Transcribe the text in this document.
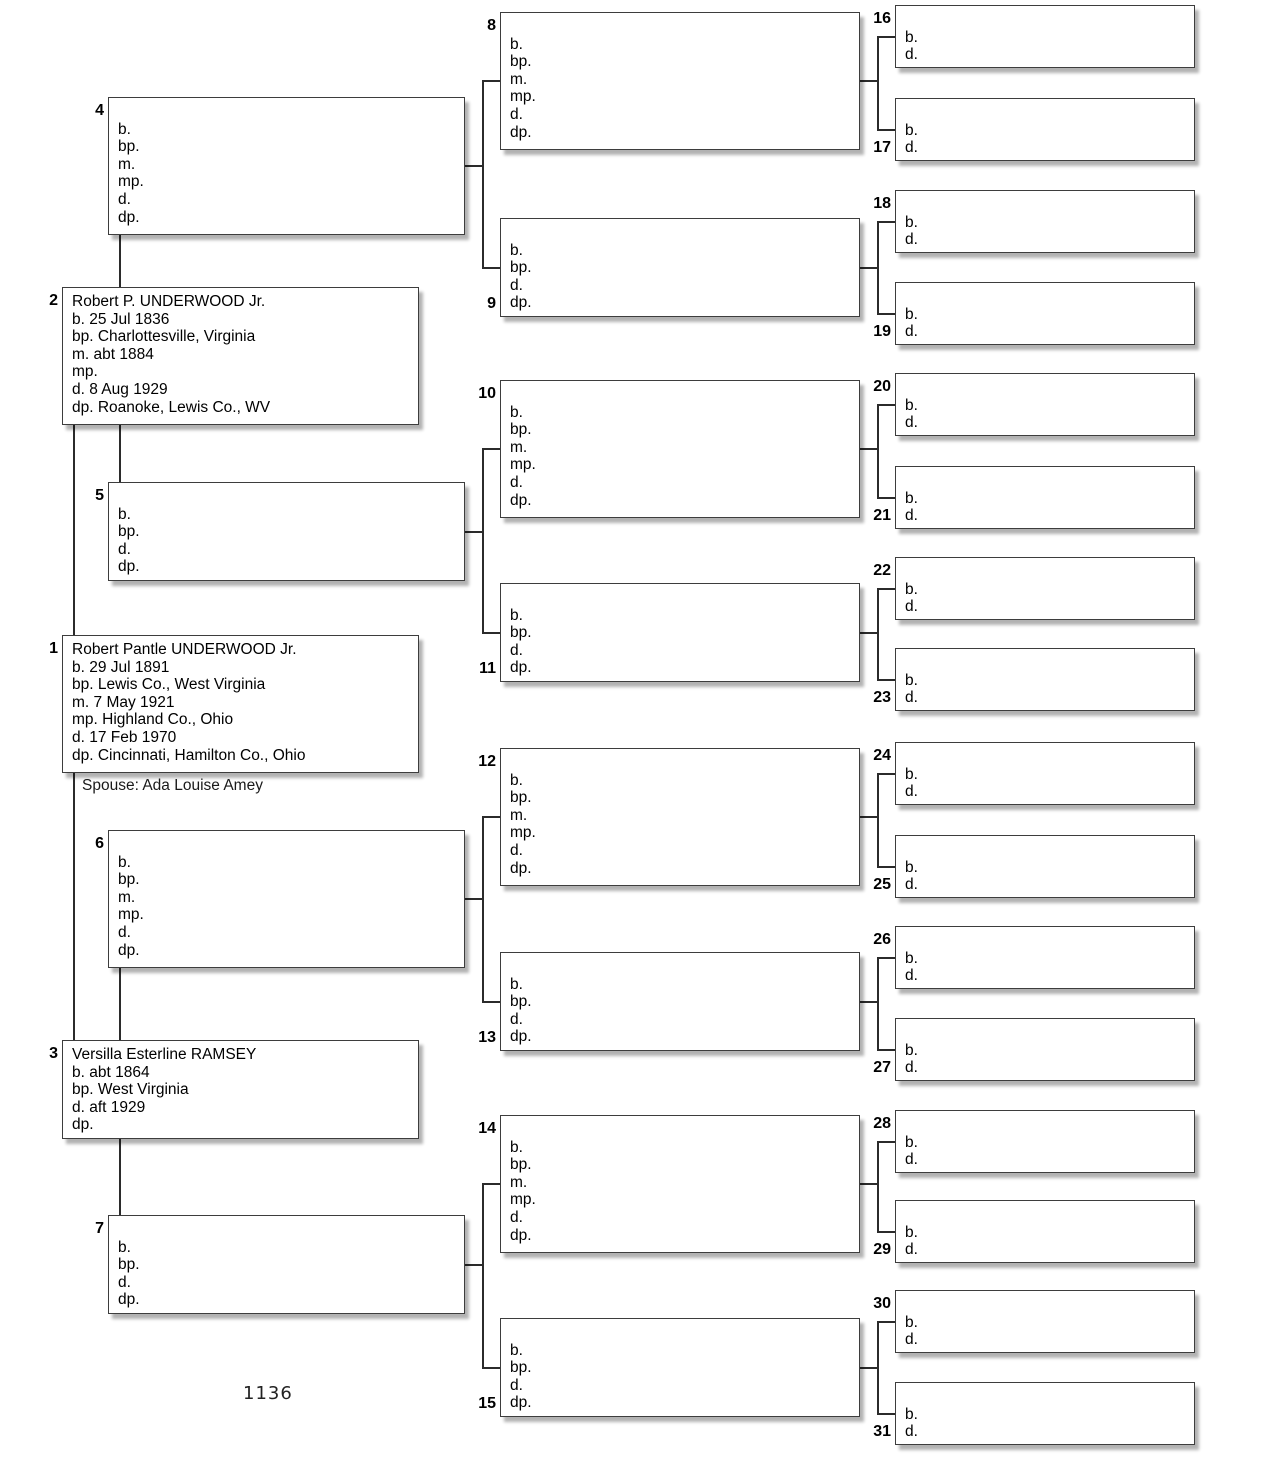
Spouse: Ada Louise Amey
1136
1 Robert Pantle UNDERWOOD Jr.
b. 29 Jul 1891
bp. Lewis Co., West Virginia
m. 7 May 1921
mp. Highland Co., Ohio
d. 17 Feb 1970
dp. Cincinnati, Hamilton Co., Ohio
2 Robert P. UNDERWOOD Jr.
b. 25 Jul 1836
bp. Charlottesville, Virginia
m. abt 1884
mp.
d. 8 Aug 1929
dp. Roanoke, Lewis Co., WV
3 Versilla Esterline RAMSEY
b. abt 1864
bp. West Virginia
d. aft 1929
dp.
4
b.
bp.
m.
mp.
d.
dp.
5
b.
bp.
d.
dp.
6
b.
bp.
m.
mp.
d.
dp.
7
b.
bp.
d.
dp.
8
b.
bp.
m.
mp.
d.
dp.
9
b.
bp.
d.
dp.
10
b.
bp.
m.
mp.
d.
dp.
11
b.
bp.
d.
dp.
12
b.
bp.
m.
mp.
d.
dp.
13
b.
bp.
d.
dp.
14
b.
bp.
m.
mp.
d.
dp.
15
b.
bp.
d.
dp.
16
b.
d.
17
b.
d.
18
b.
d.
19
b.
d.
20
b.
d.
21
b.
d.
22
b.
d.
23
b.
d.
24
b.
d.
25
b.
d.
26
b.
d.
27
b.
d.
28
b.
d.
29
b.
d.
30
b.
d.
31
b.
d.
